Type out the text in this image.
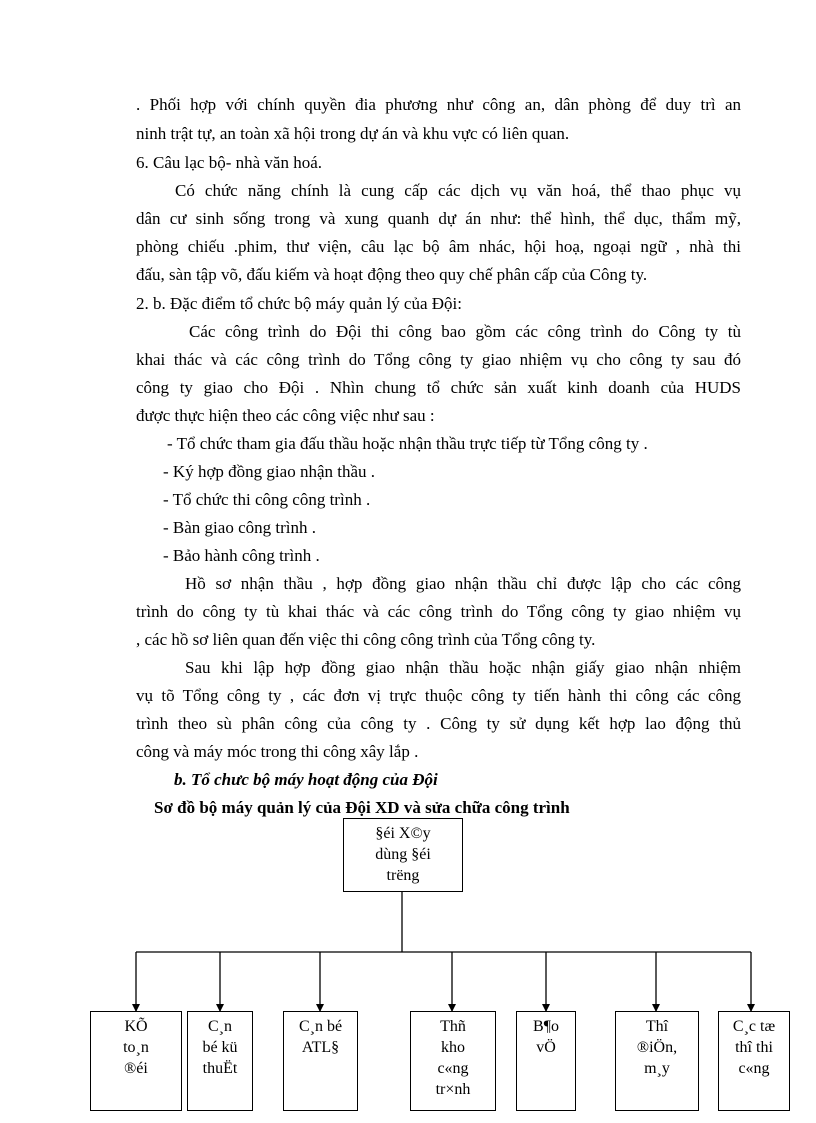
. Phối hợp với chính quyền đia phương như công an, dân phòng để duy trì an
ninh trật tự, an toàn xã hội trong dự án và khu vực có liên quan.
6. Câu lạc bộ- nhà văn hoá.
Có chức năng chính là cung cấp các dịch vụ văn hoá, thể thao phục vụ
dân cư sinh sống trong và xung quanh dự án như: thể hình, thể dục, thẩm mỹ,
phòng chiếu .phim, thư viện, câu lạc bộ âm nhác, hội hoạ, ngoại ngữ , nhà thi
đấu, sàn tập võ, đấu kiếm và hoạt động theo quy chế phân cấp của Công ty.
2. b. Đặc điểm tổ chức bộ máy quản lý của Đội:
Các công trình do Đội thi công bao gồm các công trình do Công ty tù
khai thác và các công trình do Tổng công ty giao nhiệm vụ cho công ty sau đó
công ty giao cho Đội . Nhìn chung tổ chức sản xuất kinh doanh của HUDS
được thực hiện theo các công việc như sau :
- Tổ chức tham gia đấu thầu hoặc nhận thầu trực tiếp từ Tổng công ty .
- Ký hợp đồng giao nhận thầu .
- Tổ chức thi công công trình .
- Bàn giao công trình .
- Bảo hành công trình .
Hồ sơ nhận thầu , hợp đồng giao nhận thầu chỉ được lập cho các công
trình do công ty tù khai thác và các công trình do Tổng công ty giao nhiệm vụ
, các hồ sơ liên quan đến việc thi công công trình của Tổng công ty.
Sau khi lập hợp đồng giao nhận thầu hoặc nhận giấy giao nhận nhiệm
vụ tõ Tổng công ty , các đơn vị trực thuộc công ty tiến hành thi công các công
trình theo sù phân công của công ty . Công ty sử dụng kết hợp lao động thủ
công và máy móc trong thi công xây lắp .
b. Tổ chưc bộ máy hoạt động của Đội
Sơ đồ bộ máy quản lý của Đội XD và sửa chữa công trình
§éi X©y
dùng §éi
trëng
KÕ
to¸n
®éi
C¸n
bé kü
thuËt
C¸n bé
ATL§
Thñ
kho
c«ng
tr×nh
B¶o
vÖ
Thî
®iÖn,
m¸y
C¸c tæ
thî thi
c«ng
